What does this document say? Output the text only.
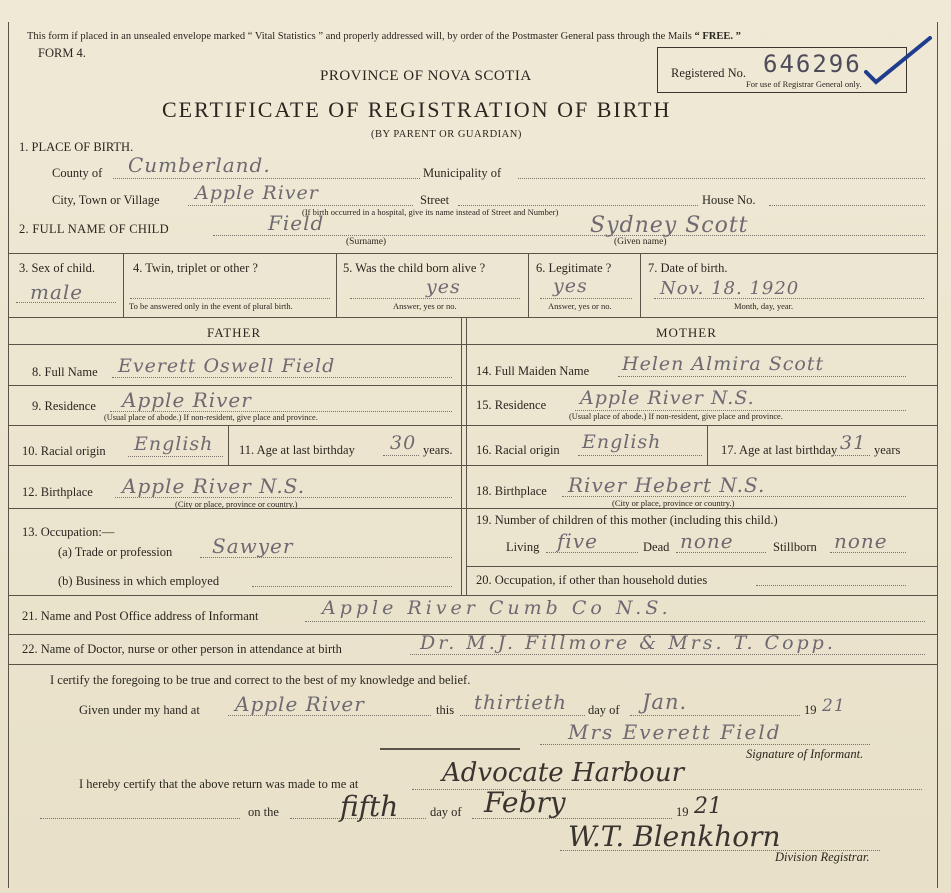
This form if placed in an unsealed envelope marked “ Vital Statistics ” and properly addressed will, by order of the Postmaster General pass through the Mails “ FREE. ”
FORM 4.
PROVINCE OF NOVA SCOTIA
CERTIFICATE OF REGISTRATION OF BIRTH
(BY PARENT OR GUARDIAN)
Registered No. 646296
For use of Registrar General only.
1. PLACE OF BIRTH.
County of Cumberland.	Municipality of
City, Town or Village Apple River	Street	House No.
(If birth occurred in a hospital, give its name instead of Street and Number)
2. FULL NAME OF CHILD	Field
(Surname)
Sydney Scott
(Given name)
3. Sex of child.
male
4. Twin, triplet or other ?
To be answered only in the event of plural birth.
5. Was the child born alive ?
yes
Answer, yes or no.
6. Legitimate ?
yes
Answer, yes or no.
7. Date of birth.
Nov. 18. 1920
Month, day, year.
FATHER	MOTHER
8. Full Name Everett Oswell Field	14. Full Maiden Name Helen Almira Scott
9. Residence Apple River
(Usual place of abode.) If non-resident, give place and province.
15. Residence Apple River N.S.
(Usual place of abode.) If non-resident, give place and province.
10. Racial origin English 11. Age at last birthday 30 years. 16. Racial origin English	17. Age at last birthday 31 years
12. Birthplace Apple River N.S.
(City or place, province or country.)
18. Birthplace River Hebert N.S.
(City or place, province or country.)
13. Occupation:—
(a) Trade or profession Sawyer
19. Number of children of this mother (including this child.)
Living five	Dead none	Stillborn none
(b) Business in which employed	20. Occupation, if other than household duties
21. Name and Post Office address of Informant	Apple River Cumb Co N.S.
22. Name of Doctor, nurse or other person in attendance at birth	Dr. M.J. Fillmore & Mrs. T. Copp.
I certify the foregoing to be true and correct to the best of my knowledge and belief.
Given under my hand at Apple River	this thirtieth day of Jan.	19 21
Mrs Everett Field
Signature of Informant.
I hereby certify that the above return was made to me at	Advocate Harbour
on the fifth	day of Febry	19 21
W.T. Blenkhorn
Division Registrar.
